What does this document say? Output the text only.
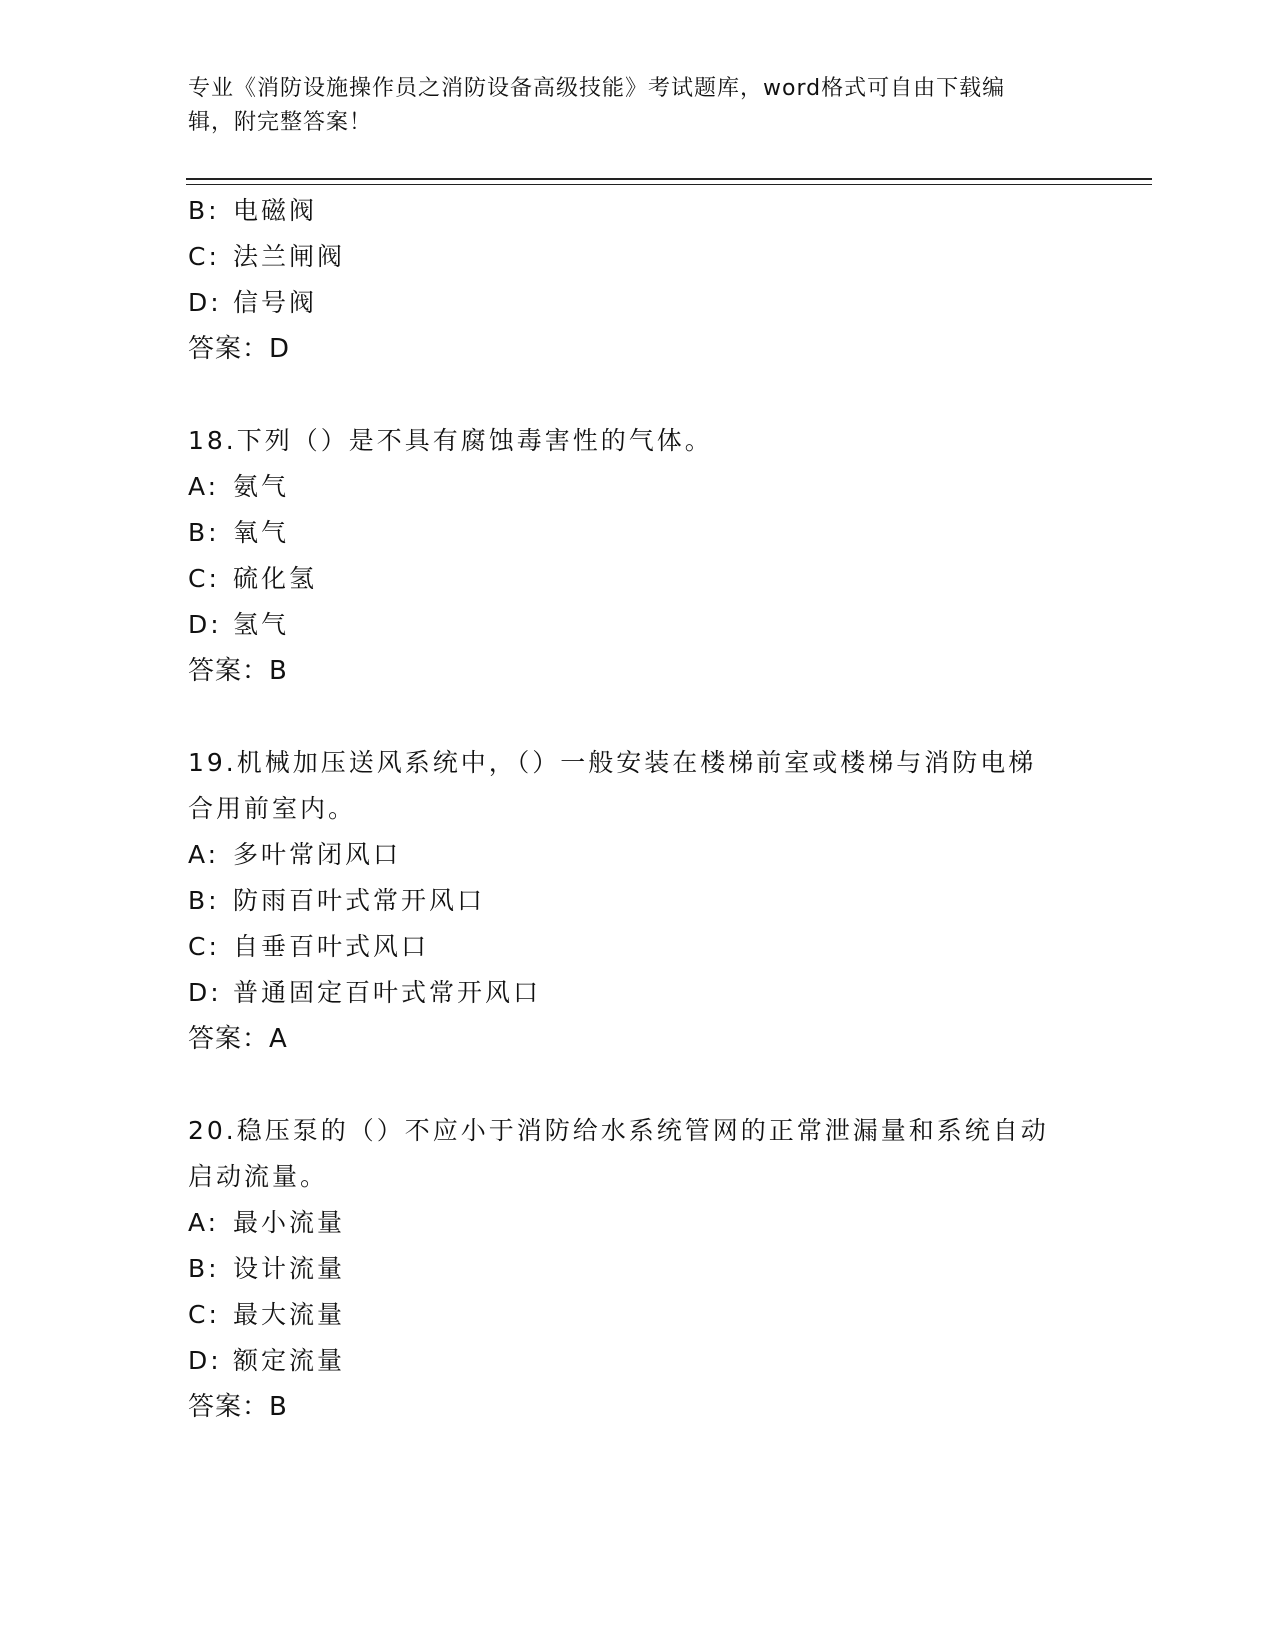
专业《消防设施操作员之消防设备高级技能》考试题库，word格式可自由下载编
辑，附完整答案！
B: 电磁阀
C: 法兰闸阀
D: 信号阀
答案：D
18.下列（）是不具有腐蚀毒害性的气体。
A: 氨气
B: 氧气
C: 硫化氢
D: 氢气
答案：B
19.机械加压送风系统中，（）一般安装在楼梯前室或楼梯与消防电梯
合用前室内。
A: 多叶常闭风口
B: 防雨百叶式常开风口
C: 自垂百叶式风口
D: 普通固定百叶式常开风口
答案：A
20.稳压泵的（）不应小于消防给水系统管网的正常泄漏量和系统自动
启动流量。
A: 最小流量
B: 设计流量
C: 最大流量
D: 额定流量
答案：B
